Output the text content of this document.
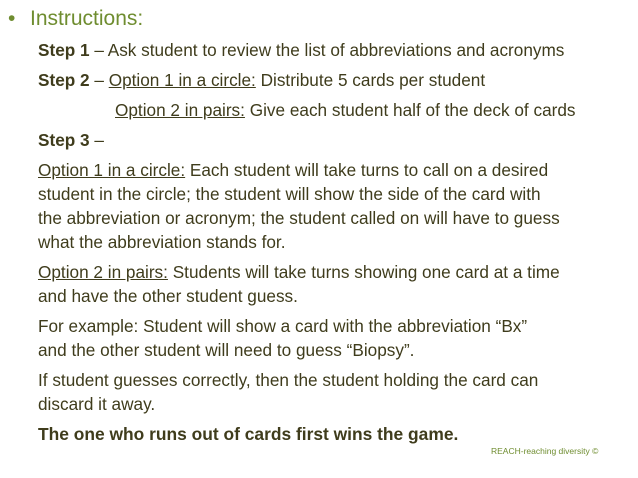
• Instructions:
Step 1 – Ask student to review the list of abbreviations and acronyms
Step 2 – Option 1 in a circle: Distribute 5 cards per student
Option 2 in pairs: Give each student half of the deck of cards
Step 3 –
Option 1 in a circle: Each student will take turns to call on a desired
student in the circle; the student will show the side of the card with
the abbreviation or acronym; the student called on will have to guess
what the abbreviation stands for.
Option 2 in pairs: Students will take turns showing one card at a time
and have the other student guess.
For example: Student will show a card with the abbreviation “Bx”
and the other student will need to guess “Biopsy”.
If student guesses correctly, then the student holding the card can
discard it away.
The one who runs out of cards first wins the game.
REACH-reaching diversity ©
